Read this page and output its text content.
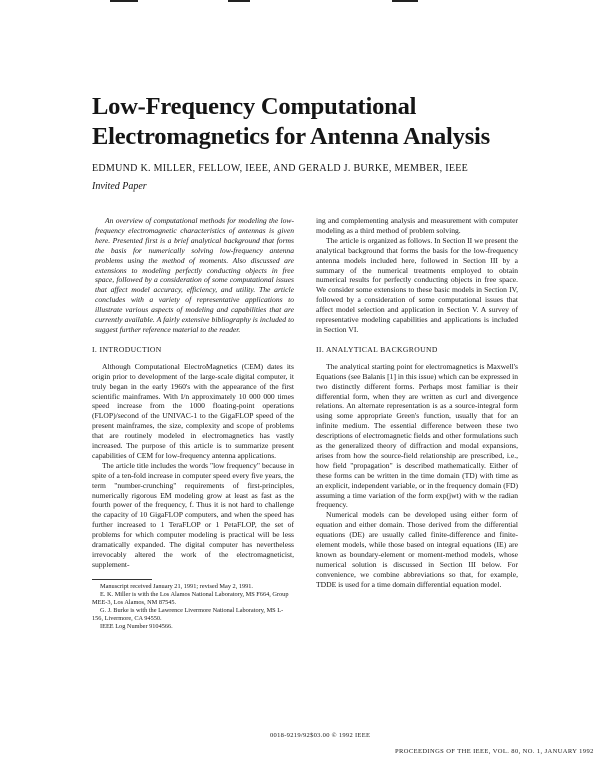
Low-Frequency Computational
Electromagnetics for Antenna Analysis
EDMUND K. MILLER, FELLOW, IEEE, AND GERALD J. BURKE, MEMBER, IEEE
Invited Paper

An overview of computational methods for modeling the low-frequency electromagnetic characteristics of antennas is given here. Presented first is a brief analytical background that forms the basis for numerically solving low-frequency antenna problems using the method of moments. Also discussed are extensions to modeling perfectly conducting objects in free space, followed by a consideration of some computational issues that affect model accuracy, efficiency, and utility. The article concludes with a variety of representative applications to illustrate various aspects of modeling and capabilities that are currently available. A fairly extensive bibliography is included to suggest further reference material to the reader.

I. INTRODUCTION

Although Computational ElectroMagnetics (CEM) dates its origin prior to development of the large-scale digital computer, it truly began in the early 1960's with the appearance of the first scientific mainframes. With I/n approximately 10 000 000 times speed increase from the 1000 floating-point operations (FLOP)/second of the UNIVAC-1 to the GigaFLOP speed of the present mainframes, the size, complexity and scope of problems that are routinely modeled in electromagnetics has vastly increased. The purpose of this article is to summarize present capabilities of CEM for low-frequency antenna applications.

The article title includes the words "low frequency" because in spite of a ten-fold increase in computer speed every five years, the term "number-crunching" requirements of first-principles, numerically rigorous EM modeling grow at least as fast as the fourth power of the frequency, f. Thus it is not hard to challenge the capacity of 10 GigaFLOP computers, and when the speed has further increased to 1 TeraFLOP or 1 PetaFLOP, the set of problems for which computer modeling is practical will be less dramatically expanded. The digital computer has nevertheless irrevocably altered the work of the electromagneticist, supplement-

Manuscript received January 21, 1991; revised May 2, 1991.

E. K. Miller is with the Los Alamos National Laboratory, MS F664, Group MEE-3, Los Alamos, NM 87545.

G. J. Burke is with the Lawrence Livermore National Laboratory, MS L-156, Livermore, CA 94550.

IEEE Log Number 9104566.

ing and complementing analysis and measurement with computer modeling as a third method of problem solving.

The article is organized as follows. In Section II we present the analytical background that forms the basis for the low-frequency antenna models included here, followed in Section III by a summary of the numerical treatments employed to obtain numerical results for perfectly conducting objects in free space. We consider some extensions to these basic models in Section IV, followed by a consideration of some computational issues that affect model selection and application in Section V. A survey of representative modeling capabilities and applications is included in Section VI.

II. ANALYTICAL BACKGROUND

The analytical starting point for electromagnetics is Maxwell's Equations (see Balanis [1] in this issue) which can be expressed in two distinctly different forms. Perhaps most familiar is their differential form, when they are written as curl and divergence relations. An alternate representation is as a source-integral form using some appropriate Green's function, usually that for an infinite medium. The essential difference between these two descriptions of electromagnetic fields and other formulations such as the generalized theory of diffraction and modal expansions, arises from how the source-field relationship are prescribed, i.e., how field "propagation" is described mathematically. Either of these forms can be written in the time domain (TD) with time as an explicit, independent variable, or in the frequency domain (FD) assuming a time variation of the form exp(jwt) with w the radian frequency.

Numerical models can be developed using either form of equation and either domain. Those derived from the differential equations (DE) are usually called finite-difference and finite-element models, while those based on integral equations (IE) are known as boundary-element or moment-method models, whose numerical solution is discussed in Section III below. For convenience, we combine abbreviations so that, for example, TDDE is used for a time domain differential equation model.

0018-9219/92$03.00 © 1992 IEEE
PROCEEDINGS OF THE IEEE, VOL. 80, NO. 1, JANUARY 1992
